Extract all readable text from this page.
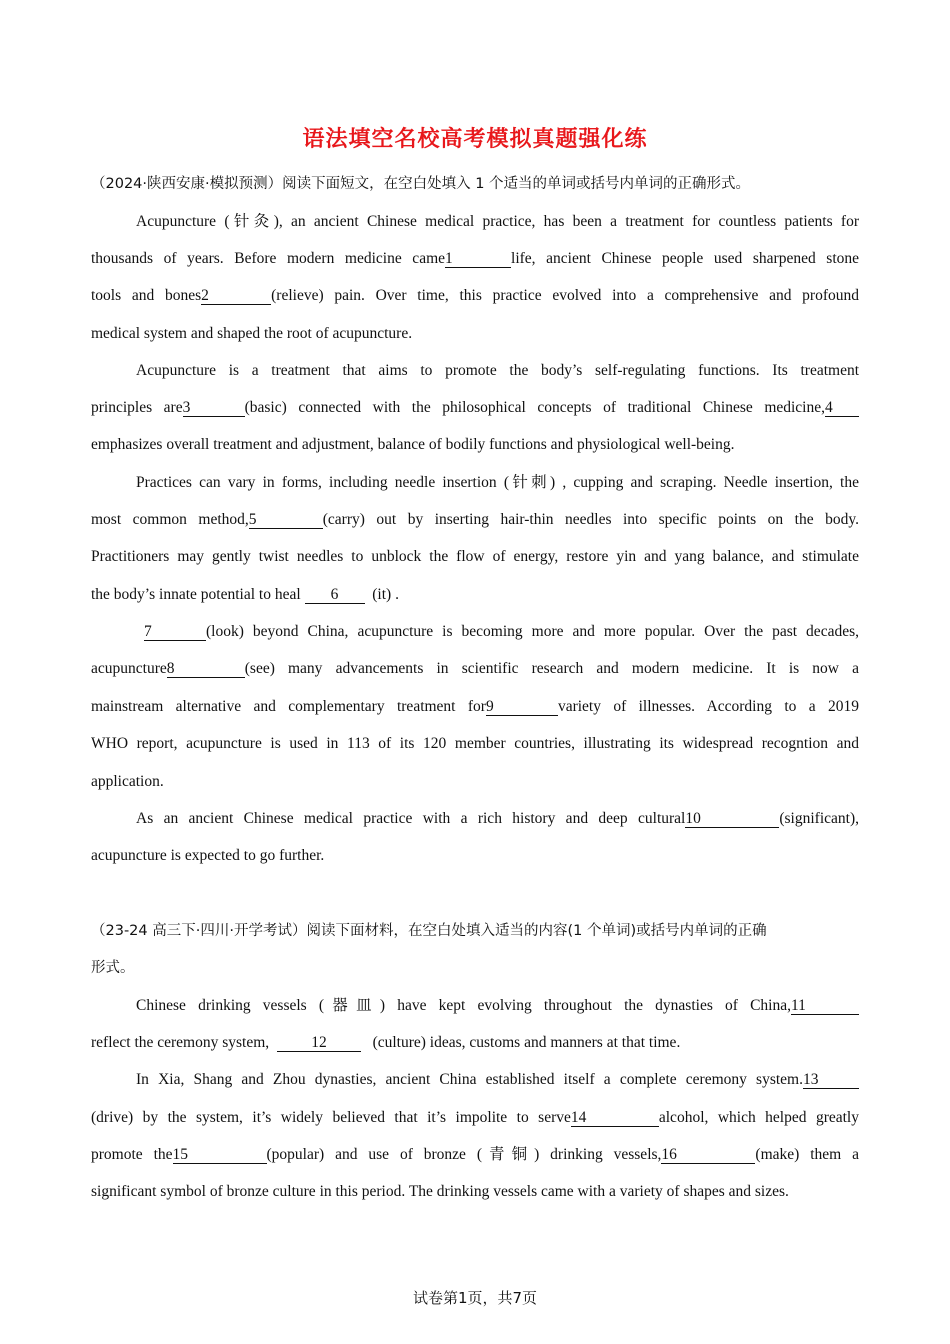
语法填空名校高考模拟真题强化练
（2024·陕西安康·模拟预测）阅读下面短文，在空白处填入 1 个适当的单词或括号内单词的正确形式。
Acupuncture (针灸), an ancient Chinese medical practice, has been a treatment for countless patients for
thousands of years. Before modern medicine came1	life, ancient Chinese people used sharpened stone
tools and bones2	(relieve) pain. Over time, this practice evolved into a comprehensive and profound
medical system and shaped the root of acupuncture.
Acupuncture is a treatment that aims to promote the body’s self-regulating functions. Its treatment
principles are3	(basic) connected with the philosophical concepts of traditional Chinese medicine,4
emphasizes overall treatment and adjustment, balance of bodily functions and physiological well-being.
Practices can vary in forms, including needle insertion (针刺) , cupping and scraping. Needle insertion, the
most common method,5	(carry) out by inserting hair-thin needles into specific points on the body.
Practitioners may gently twist needles to unblock the flow of energy, restore yin and yang balance, and stimulate
the body’s innate potential to heal 6 (it) .
7	(look) beyond China, acupuncture is becoming more and more popular. Over the past decades,
acupuncture8	(see) many advancements in scientific research and modern medicine. It is now a
mainstream alternative and complementary treatment for9	variety of illnesses. According to a 2019
WHO report, acupuncture is used in 113 of its 120 member countries, illustrating its widespread recogntion and
application.
As an ancient Chinese medical practice with a rich history and deep cultural10	(significant),
acupuncture is expected to go further.
（23-24 高三下·四川·开学考试）阅读下面材料，在空白处填入适当的内容(1 个单词)或括号内单词的正确
形式。
Chinese drinking vessels (器皿) have kept evolving throughout the dynasties of China,11
reflect the ceremony system,	12	(culture) ideas, customs and manners at that time.
In Xia, Shang and Zhou dynasties, ancient China established itself a complete ceremony system.13
(drive) by the system, it’s widely believed that it’s impolite to serve14	alcohol, which helped greatly
promote the15	(popular) and use of bronze (青铜) drinking vessels,16	(make) them a
significant symbol of bronze culture in this period. The drinking vessels came with a variety of shapes and sizes.
试卷第1页，共7页
